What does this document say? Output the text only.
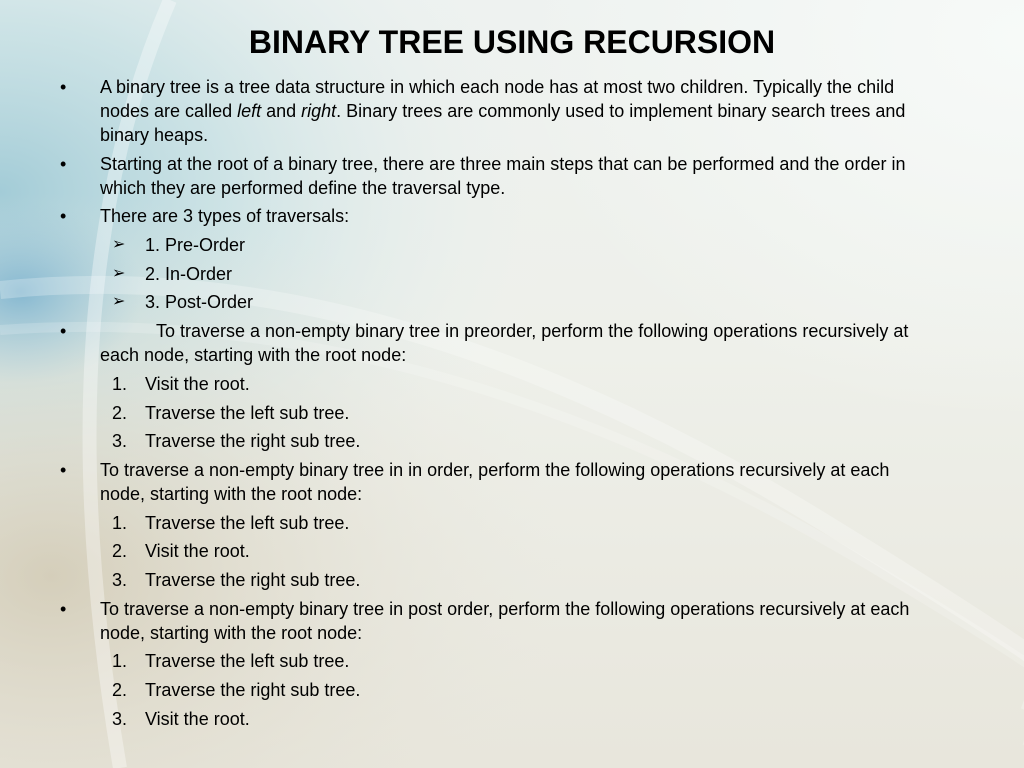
BINARY TREE USING RECURSION
• A binary tree is a tree data structure in which each node has at most two children. Typically the child nodes are called left and right. Binary trees are commonly used to implement binary search trees and binary heaps.
• Starting at the root of a binary tree, there are three main steps that can be performed and the order in which they are performed define the traversal type.
• There are 3 types of traversals:
➢ 1. Pre-Order
➢ 2. In-Order
➢ 3. Post-Order
•	To traverse a non-empty binary tree in preorder, perform the following operations recursively at each node, starting with the root node:
1. Visit the root.
2. Traverse the left sub tree.
3. Traverse the right sub tree.
• To traverse a non-empty binary tree in in order, perform the following operations recursively at each node, starting with the root node:
1. Traverse the left sub tree.
2. Visit the root.
3. Traverse the right sub tree.
• To traverse a non-empty binary tree in post order, perform the following operations recursively at each node, starting with the root node:
1. Traverse the left sub tree.
2. Traverse the right sub tree.
3. Visit the root.
